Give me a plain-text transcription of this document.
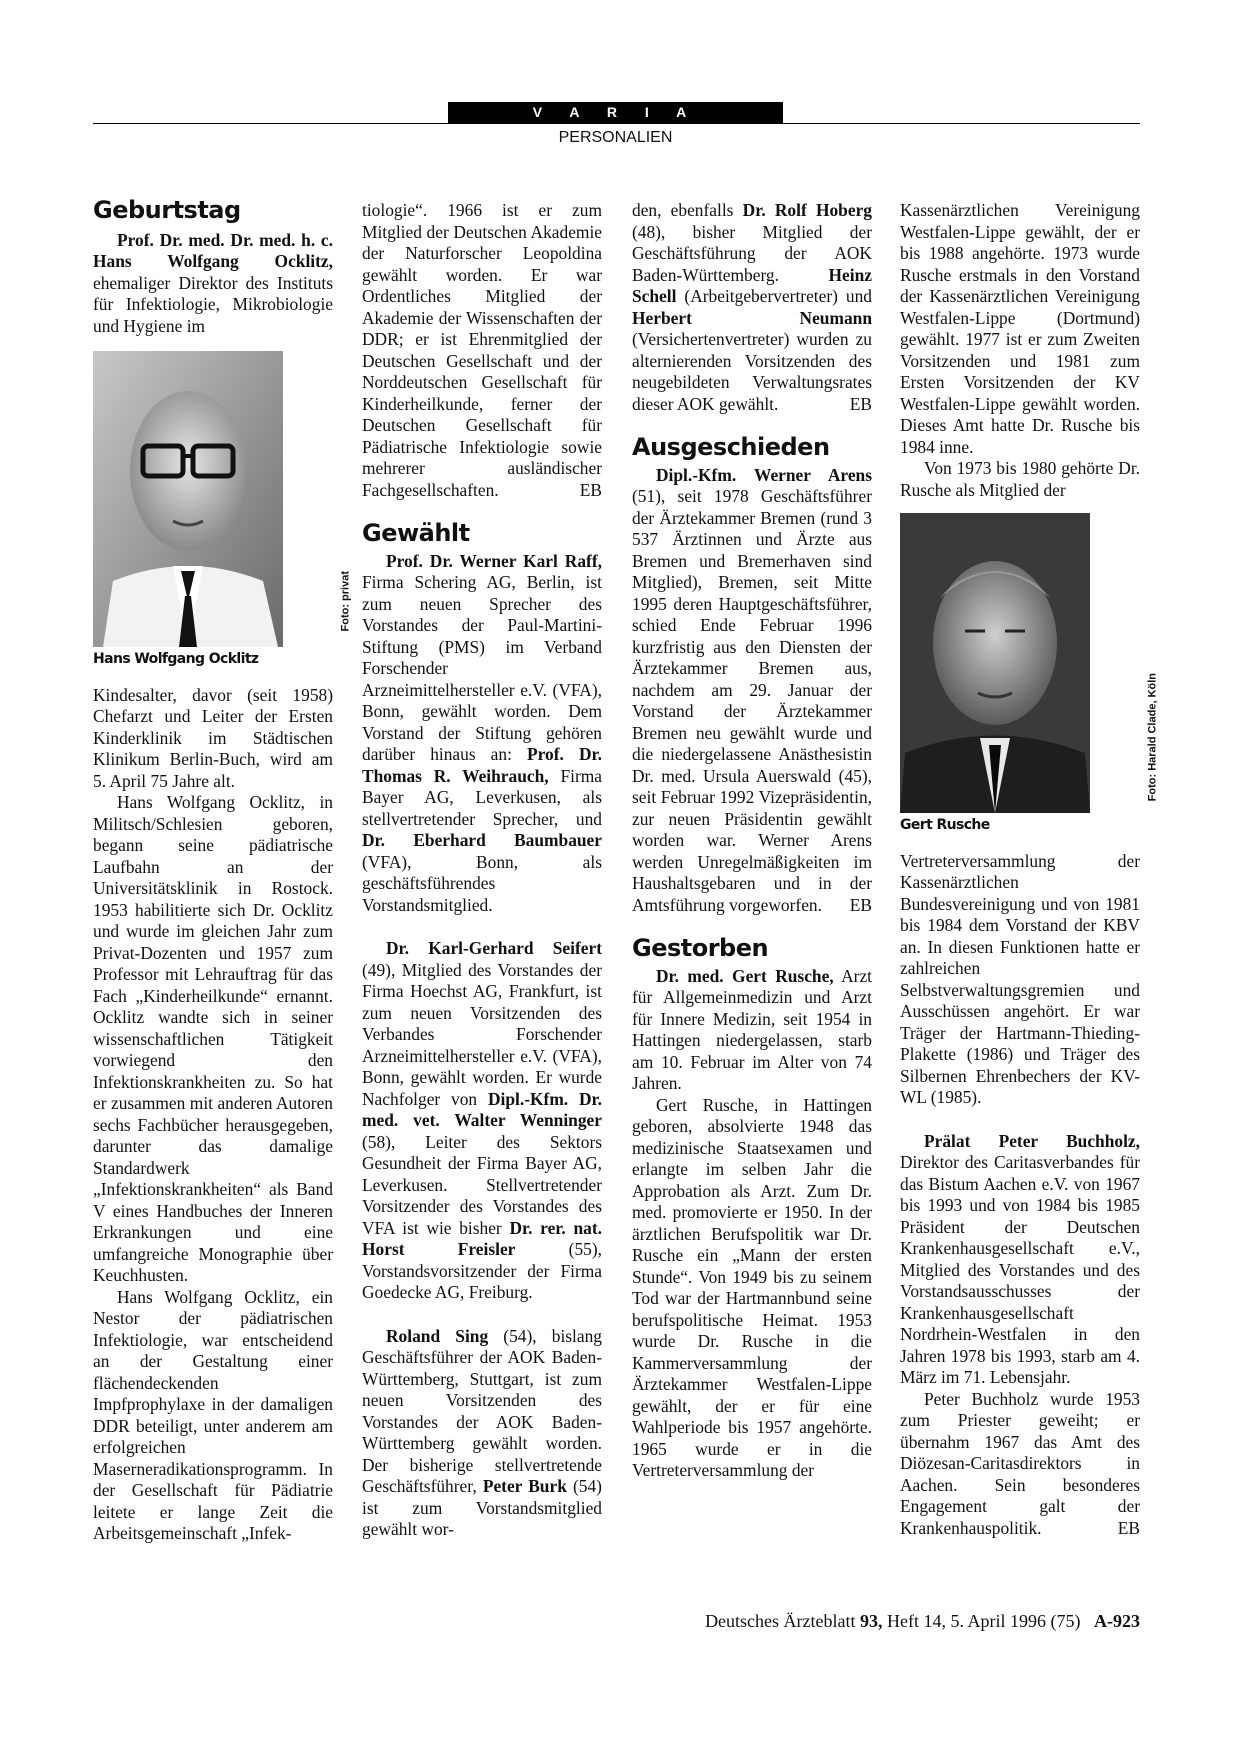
V A R I A
PERSONALIEN
Geburtstag

Prof. Dr. med. Dr. med. h. c. Hans Wolfgang Ocklitz, ehemaliger Direktor des Instituts für Infektiologie, Mikrobiologie und Hygiene im

Foto: privat
Hans Wolfgang Ocklitz

Kindesalter, davor (seit 1958) Chefarzt und Leiter der Ersten Kinderklinik im Städtischen Klinikum Berlin-Buch, wird am 5. April 75 Jahre alt.

Hans Wolfgang Ocklitz, in Militsch/Schlesien geboren, begann seine pädiatrische Laufbahn an der Universitätsklinik in Rostock. 1953 habilitierte sich Dr. Ocklitz und wurde im gleichen Jahr zum Privat-Dozenten und 1957 zum Professor mit Lehrauftrag für das Fach „Kinderheilkunde“ ernannt. Ocklitz wandte sich in seiner wissenschaftlichen Tätigkeit vorwiegend den Infektionskrankheiten zu. So hat er zusammen mit anderen Autoren sechs Fachbücher herausgegeben, darunter das damalige Standardwerk „Infektionskrankheiten“ als Band V eines Handbuches der Inneren Erkrankungen und eine umfangreiche Monographie über Keuchhusten.

Hans Wolfgang Ocklitz, ein Nestor der pädiatrischen Infektiologie, war entscheidend an der Gestaltung einer flächendeckenden Impfprophylaxe in der damaligen DDR beteiligt, unter anderem am erfolgreichen Maserneradikationsprogramm. In der Gesellschaft für Pädiatrie leitete er lange Zeit die Arbeitsgemeinschaft „Infek-

tiologie“. 1966 ist er zum Mitglied der Deutschen Akademie der Naturforscher Leopoldina gewählt worden. Er war Ordentliches Mitglied der Akademie der Wissenschaften der DDR; er ist Ehrenmitglied der Deutschen Gesellschaft und der Norddeutschen Gesellschaft für Kinderheilkunde, ferner der Deutschen Gesellschaft für Pädiatrische Infektiologie sowie mehrerer ausländischer Fachgesellschaften.	EB

Gewählt

Prof. Dr. Werner Karl Raff, Firma Schering AG, Berlin, ist zum neuen Sprecher des Vorstandes der Paul-Martini-Stiftung (PMS) im Verband Forschender Arzneimittelhersteller e.V. (VFA), Bonn, gewählt worden. Dem Vorstand der Stiftung gehören darüber hinaus an: Prof. Dr. Thomas R. Weihrauch, Firma Bayer AG, Leverkusen, als stellvertretender Sprecher, und Dr. Eberhard Baumbauer (VFA), Bonn, als geschäftsführendes Vorstandsmitglied.

Dr. Karl-Gerhard Seifert (49), Mitglied des Vorstandes der Firma Hoechst AG, Frankfurt, ist zum neuen Vorsitzenden des Verbandes Forschender Arzneimittelhersteller e.V. (VFA), Bonn, gewählt worden. Er wurde Nachfolger von Dipl.-Kfm. Dr. med. vet. Walter Wenninger (58), Leiter des Sektors Gesundheit der Firma Bayer AG, Leverkusen. Stellvertretender Vorsitzender des Vorstandes des VFA ist wie bisher Dr. rer. nat. Horst Freisler (55), Vorstandsvorsitzender der Firma Goedecke AG, Freiburg.

Roland Sing (54), bislang Geschäftsführer der AOK Baden-Württemberg, Stuttgart, ist zum neuen Vorsitzenden des Vorstandes der AOK Baden-Württemberg gewählt worden. Der bisherige stellvertretende Geschäftsführer, Peter Burk (54) ist zum Vorstandsmitglied gewählt wor-

den, ebenfalls Dr. Rolf Hoberg (48), bisher Mitglied der Geschäftsführung der AOK Baden-Württemberg. Heinz Schell (Arbeitgebervertreter) und Herbert Neumann (Versichertenvertreter) wurden zu alternierenden Vorsitzenden des neugebildeten Verwaltungsrates dieser AOK gewählt.	EB

Ausgeschieden

Dipl.-Kfm. Werner Arens (51), seit 1978 Geschäftsführer der Ärztekammer Bremen (rund 3 537 Ärztinnen und Ärzte aus Bremen und Bremerhaven sind Mitglied), Bremen, seit Mitte 1995 deren Hauptgeschäftsführer, schied Ende Februar 1996 kurzfristig aus den Diensten der Ärztekammer Bremen aus, nachdem am 29. Januar der Vorstand der Ärztekammer Bremen neu gewählt wurde und die niedergelassene Anästhesistin Dr. med. Ursula Auerswald (45), seit Februar 1992 Vizepräsidentin, zur neuen Präsidentin gewählt worden war. Werner Arens werden Unregelmäßigkeiten im Haushaltsgebaren und in der Amtsführung vorgeworfen.	EB

Gestorben

Dr. med. Gert Rusche, Arzt für Allgemeinmedizin und Arzt für Innere Medizin, seit 1954 in Hattingen niedergelassen, starb am 10. Februar im Alter von 74 Jahren.

Gert Rusche, in Hattingen geboren, absolvierte 1948 das medizinische Staatsexamen und erlangte im selben Jahr die Approbation als Arzt. Zum Dr. med. promovierte er 1950. In der ärztlichen Berufspolitik war Dr. Rusche ein „Mann der ersten Stunde“. Von 1949 bis zu seinem Tod war der Hartmannbund seine berufspolitische Heimat. 1953 wurde Dr. Rusche in die Kammerversammlung der Ärztekammer Westfalen-Lippe gewählt, der er für eine Wahlperiode bis 1957 angehörte. 1965 wurde er in die Vertreterversammlung der

Kassenärztlichen Vereinigung Westfalen-Lippe gewählt, der er bis 1988 angehörte. 1973 wurde Rusche erstmals in den Vorstand der Kassenärztlichen Vereinigung Westfalen-Lippe (Dortmund) gewählt. 1977 ist er zum Zweiten Vorsitzenden und 1981 zum Ersten Vorsitzenden der KV Westfalen-Lippe gewählt worden. Dieses Amt hatte Dr. Rusche bis 1984 inne.

Von 1973 bis 1980 gehörte Dr. Rusche als Mitglied der

Foto: Harald Clade, Köln
Gert Rusche

Vertreterversammlung der Kassenärztlichen Bundesvereinigung und von 1981 bis 1984 dem Vorstand der KBV an. In diesen Funktionen hatte er zahlreichen Selbstverwaltungsgremien und Ausschüssen angehört. Er war Träger der Hartmann-Thieding-Plakette (1986) und Träger des Silbernen Ehrenbechers der KV-WL (1985).

Prälat Peter Buchholz, Direktor des Caritasverbandes für das Bistum Aachen e.V. von 1967 bis 1993 und von 1984 bis 1985 Präsident der Deutschen Krankenhausgesellschaft e.V., Mitglied des Vorstandes und des Vorstandsausschusses der Krankenhausgesellschaft Nordrhein-Westfalen in den Jahren 1978 bis 1993, starb am 4. März im 71. Lebensjahr.

Peter Buchholz wurde 1953 zum Priester geweiht; er übernahm 1967 das Amt des Diözesan-Caritasdirektors in Aachen. Sein besonderes Engagement galt der Krankenhauspolitik.	EB

Deutsches Ärzteblatt 93, Heft 14, 5. April 1996 (75) A-923
